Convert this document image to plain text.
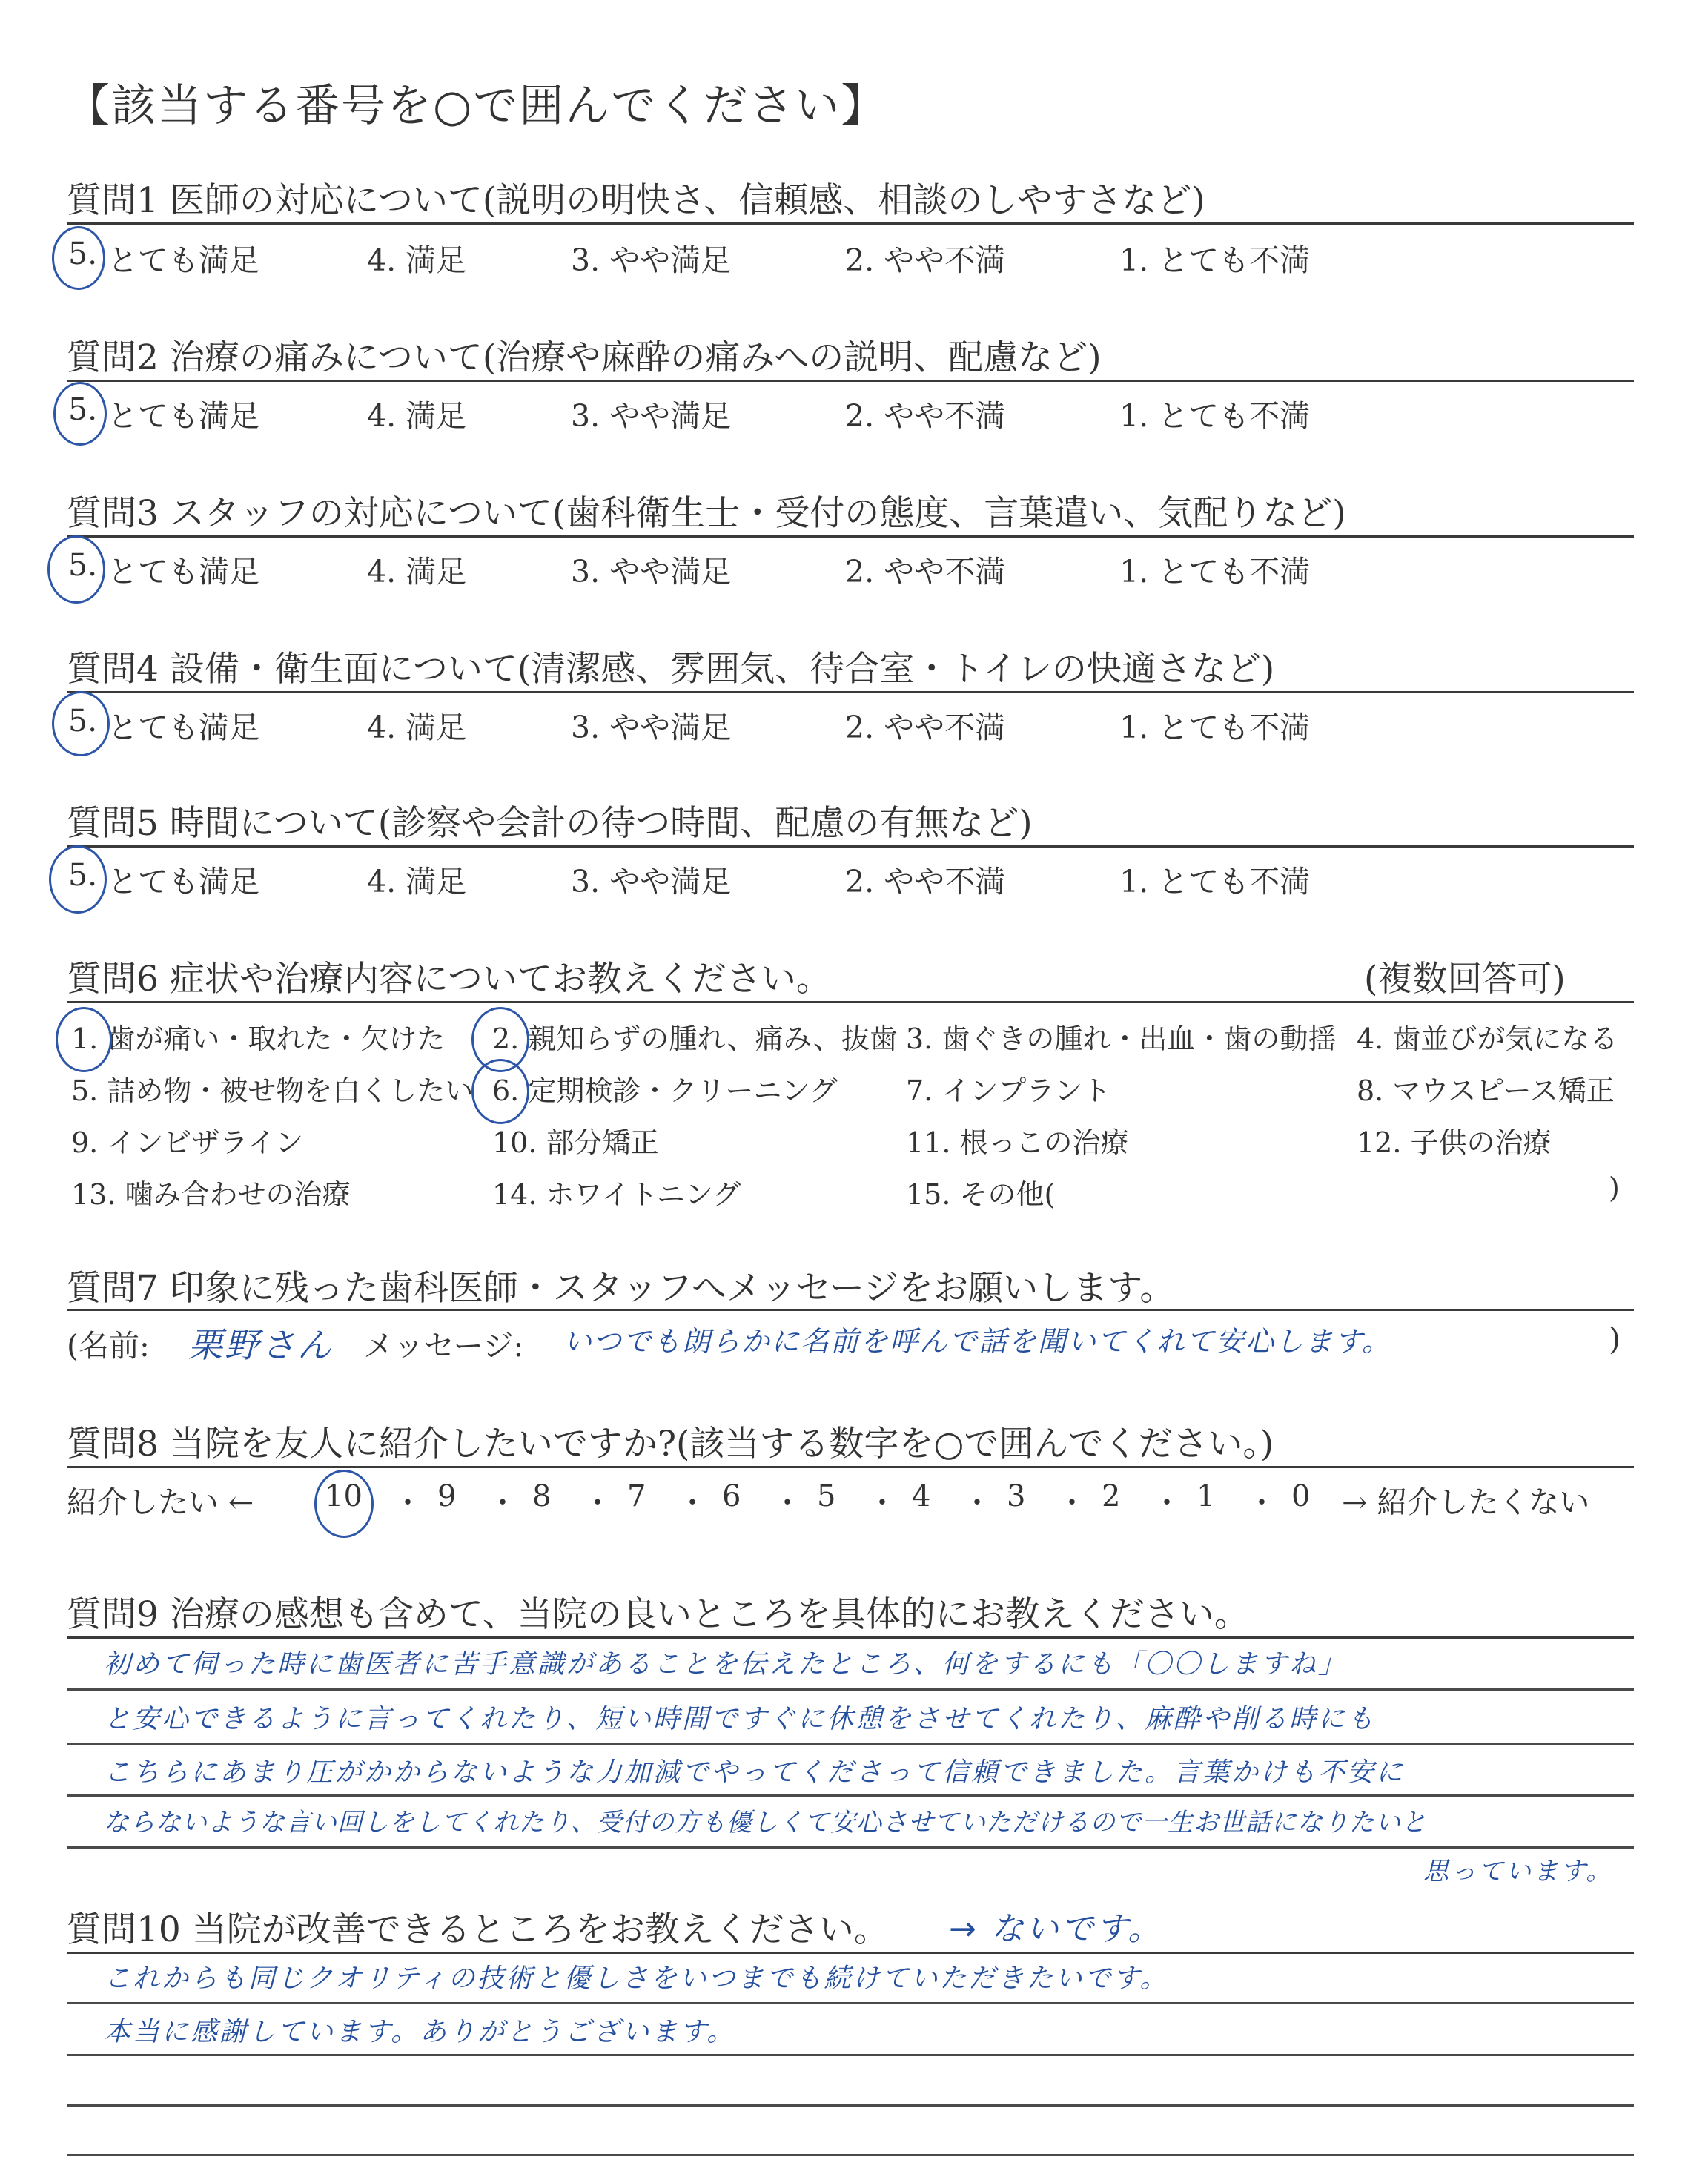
【該当する番号を○で囲んでください】
質問1 医師の対応について(説明の明快さ、信頼感、相談のしやすさなど)
5. とても満足	4. 満足	3. やや満足	2. やや不満	1. とても不満
質問2 治療の痛みについて(治療や麻酔の痛みへの説明、配慮など)
5. とても満足	4. 満足	3. やや満足	2. やや不満	1. とても不満
質問3 スタッフの対応について(歯科衛生士・受付の態度、言葉遣い、気配りなど)
5. とても満足	4. 満足	3. やや満足	2. やや不満	1. とても不満
質問4 設備・衛生面について(清潔感、雰囲気、待合室・トイレの快適さなど)
5. とても満足	4. 満足	3. やや満足	2. やや不満	1. とても不満
質問5 時間について(診察や会計の待つ時間、配慮の有無など)
5. とても満足	4. 満足	3. やや満足	2. やや不満	1. とても不満
質問6 症状や治療内容についてお教えください。	(複数回答可)
1. 歯が痛い・取れた・欠けた 2. 親知らずの腫れ、痛み、抜歯 3. 歯ぐきの腫れ・出血・歯の動揺 4. 歯並びが気になる
5. 詰め物・被せ物を白くしたい 6. 定期検診・クリーニング 7. インプラント	8. マウスピース矯正
9. インビザライン	10. 部分矯正	11. 根っこの治療	12. 子供の治療
13. 噛み合わせの治療	14. ホワイトニング	15. その他(	)
質問7 印象に残った歯科医師・スタッフへメッセージをお願いします。
(名前: 栗野さん メッセージ: いつでも朗らかに名前を呼んで話を聞いてくれて安心します。	)
質問8 当院を友人に紹介したいですか?(該当する数字を○で囲んでください。)
紹介したい ← 10 ・ 9 ・ 8 ・ 7 ・ 6 ・ 5 ・ 4 ・ 3 ・ 2 ・ 1 ・ 0 → 紹介したくない
質問9 治療の感想も含めて、当院の良いところを具体的にお教えください。
初めて伺った時に歯医者に苦手意識があることを伝えたところ、何をするにも「〇〇しますね」
と安心できるように言ってくれたり、短い時間ですぐに休憩をさせてくれたり、麻酔や削る時にも
こちらにあまり圧がかからないような力加減でやってくださって信頼できました。言葉かけも不安に
ならないような言い回しをしてくれたり、受付の方も優しくて安心させていただけるので一生お世話になりたいと
思っています。
質問10 当院が改善できるところをお教えください。 → ないです。
これからも同じクオリティの技術と優しさをいつまでも続けていただきたいです。
本当に感謝しています。ありがとうございます。
